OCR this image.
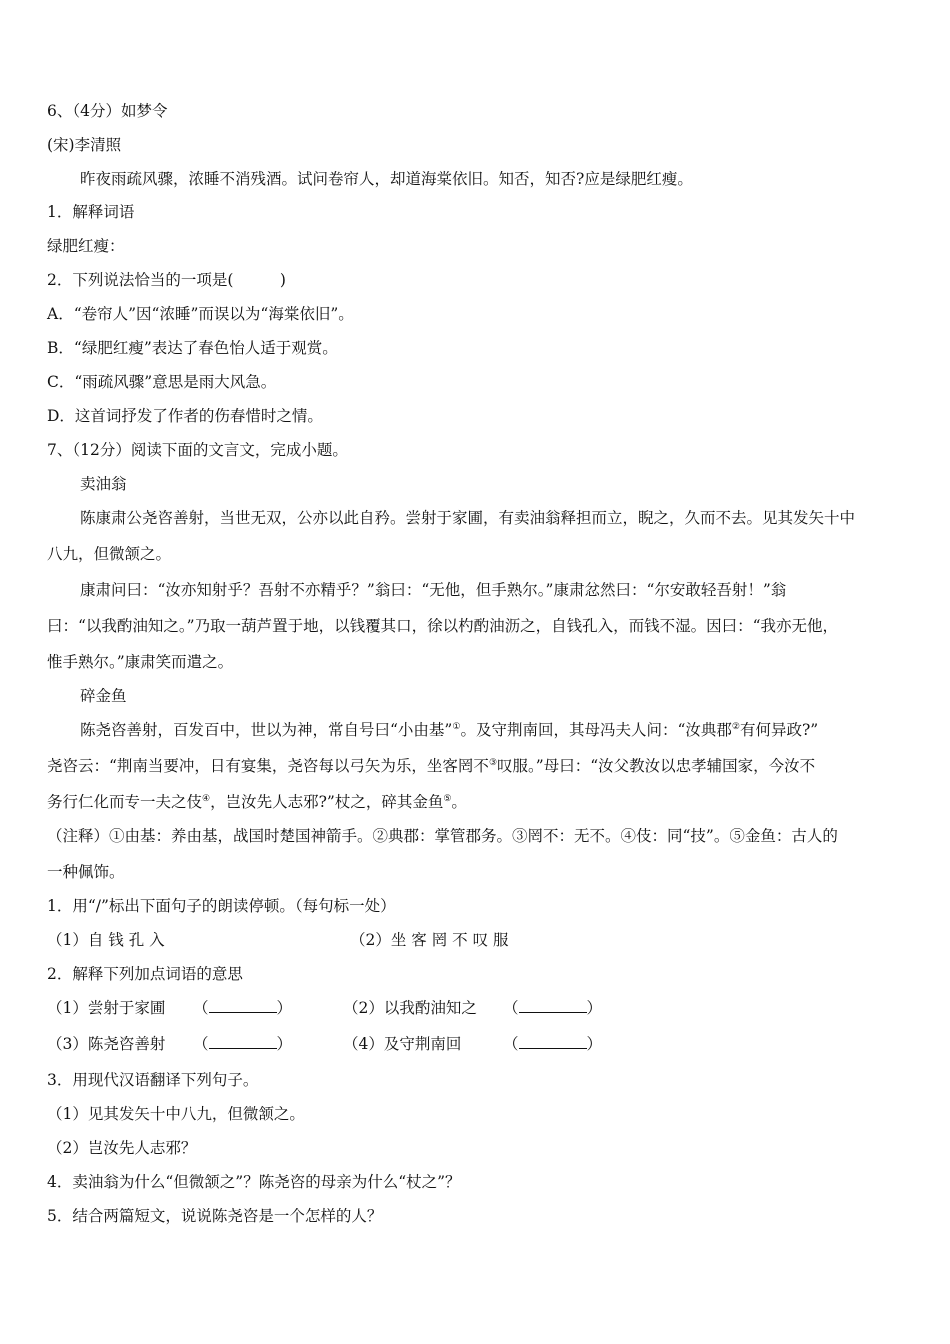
6、（4分）如梦令
(宋)李清照
昨夜雨疏风骤，浓睡不消残酒。试问卷帘人，却道海棠依旧。知否，知否?应是绿肥红瘦。
1．解释词语
绿肥红瘦：
2．下列说法恰当的一项是(　　　)
A．“卷帘人”因“浓睡”而误以为“海棠依旧”。
B．“绿肥红瘦”表达了春色怡人适于观赏。
C．“雨疏风骤”意思是雨大风急。
D．这首词抒发了作者的伤春惜时之情。
7、（12分）阅读下面的文言文，完成小题。
卖油翁
陈康肃公尧咨善射，当世无双，公亦以此自矜。尝射于家圃，有卖油翁释担而立，睨之，久而不去。见其发矢十中
八九，但微颔之。
康肃问曰：“汝亦知射乎？吾射不亦精乎？”翁曰：“无他，但手熟尔。”康肃忿然曰：“尔安敢轻吾射！”翁
曰：“以我酌油知之。”乃取一葫芦置于地，以钱覆其口，徐以杓酌油沥之，自钱孔入，而钱不湿。因曰：“我亦无他，
惟手熟尔。”康肃笑而遣之。
碎金鱼
陈尧咨善射，百发百中，世以为神，常自号曰“小由基”①。及守荆南回，其母冯夫人问：“汝典郡②有何异政?”
尧咨云：“荆南当要冲，日有宴集，尧咨每以弓矢为乐，坐客罔不③叹服。”母曰：“汝父教汝以忠孝辅国家，今汝不
务行仁化而专一夫之伎④，岂汝先人志邪?”杖之，碎其金鱼⑤。
（注释）①由基：养由基，战国时楚国神箭手。②典郡：掌管郡务。③罔不：无不。④伎：同“技”。⑤金鱼：古人的
一种佩饰。
1．用“/”标出下面句子的朗读停顿。（每句标一处）
（1）自 钱 孔 入	（2）坐 客 罔 不 叹 服
2．解释下列加点词语的意思
（1）尝射于家圃 （	）	（2）以我酌油知之 （	）
（3）陈尧咨善射 （	）	（4）及守荆南回	（	）
3．用现代汉语翻译下列句子。
（1）见其发矢十中八九，但微颔之。
（2）岂汝先人志邪？
4．卖油翁为什么“但微颔之”？陈尧咨的母亲为什么“杖之”？
5．结合两篇短文，说说陈尧咨是一个怎样的人？
